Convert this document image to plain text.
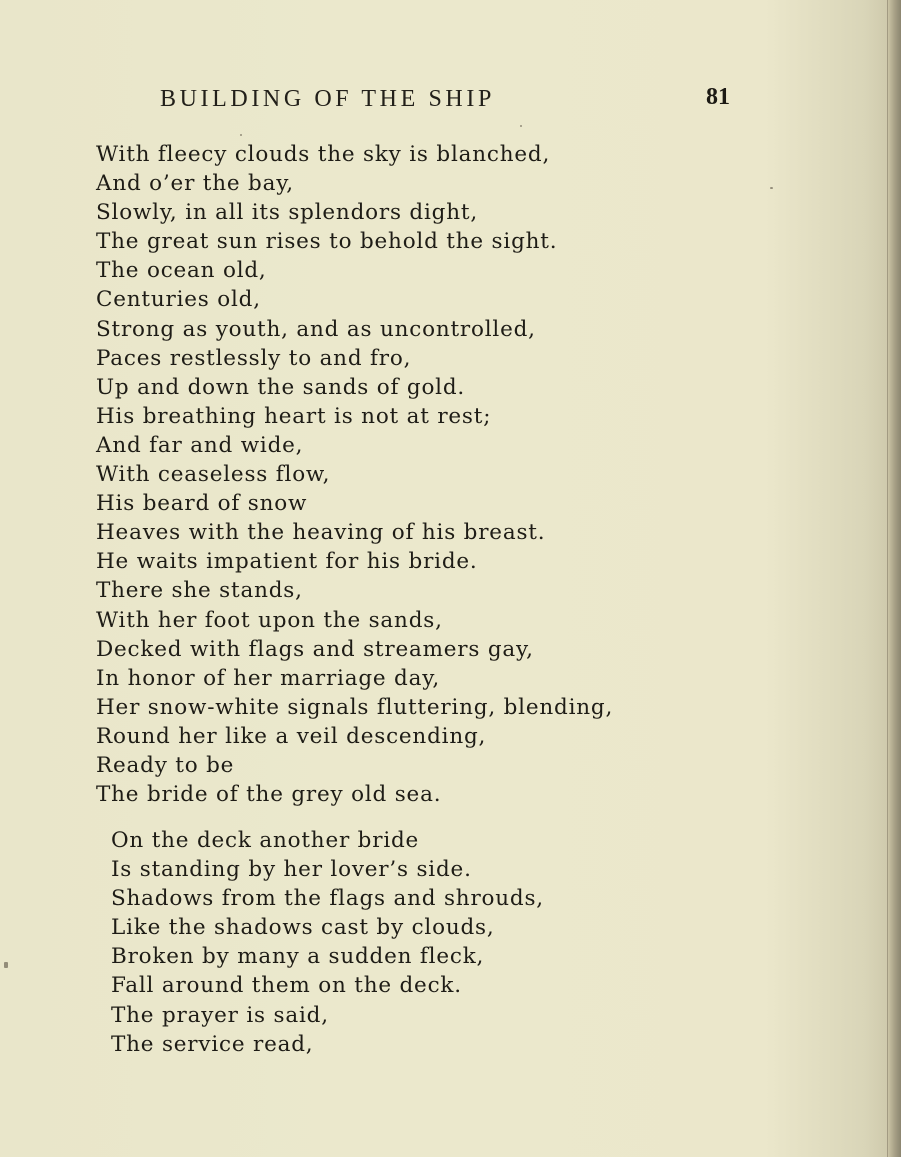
BUILDING OF THE SHIP	81
With fleecy clouds the sky is blanched,
And o’er the bay,
Slowly, in all its splendors dight,
The great sun rises to behold the sight.
The ocean old,
Centuries old,
Strong as youth, and as uncontrolled,
Paces restlessly to and fro,
Up and down the sands of gold.
His breathing heart is not at rest;
And far and wide,
With ceaseless flow,
His beard of snow
Heaves with the heaving of his breast.
He waits impatient for his bride.
There she stands,
With her foot upon the sands,
Decked with flags and streamers gay,
In honor of her marriage day,
Her snow-white signals fluttering, blending,
Round her like a veil descending,
Ready to be
The bride of the grey old sea.
On the deck another bride
Is standing by her lover’s side.
Shadows from the flags and shrouds,
Like the shadows cast by clouds,
Broken by many a sudden fleck,
Fall around them on the deck.
The prayer is said,
The service read,
